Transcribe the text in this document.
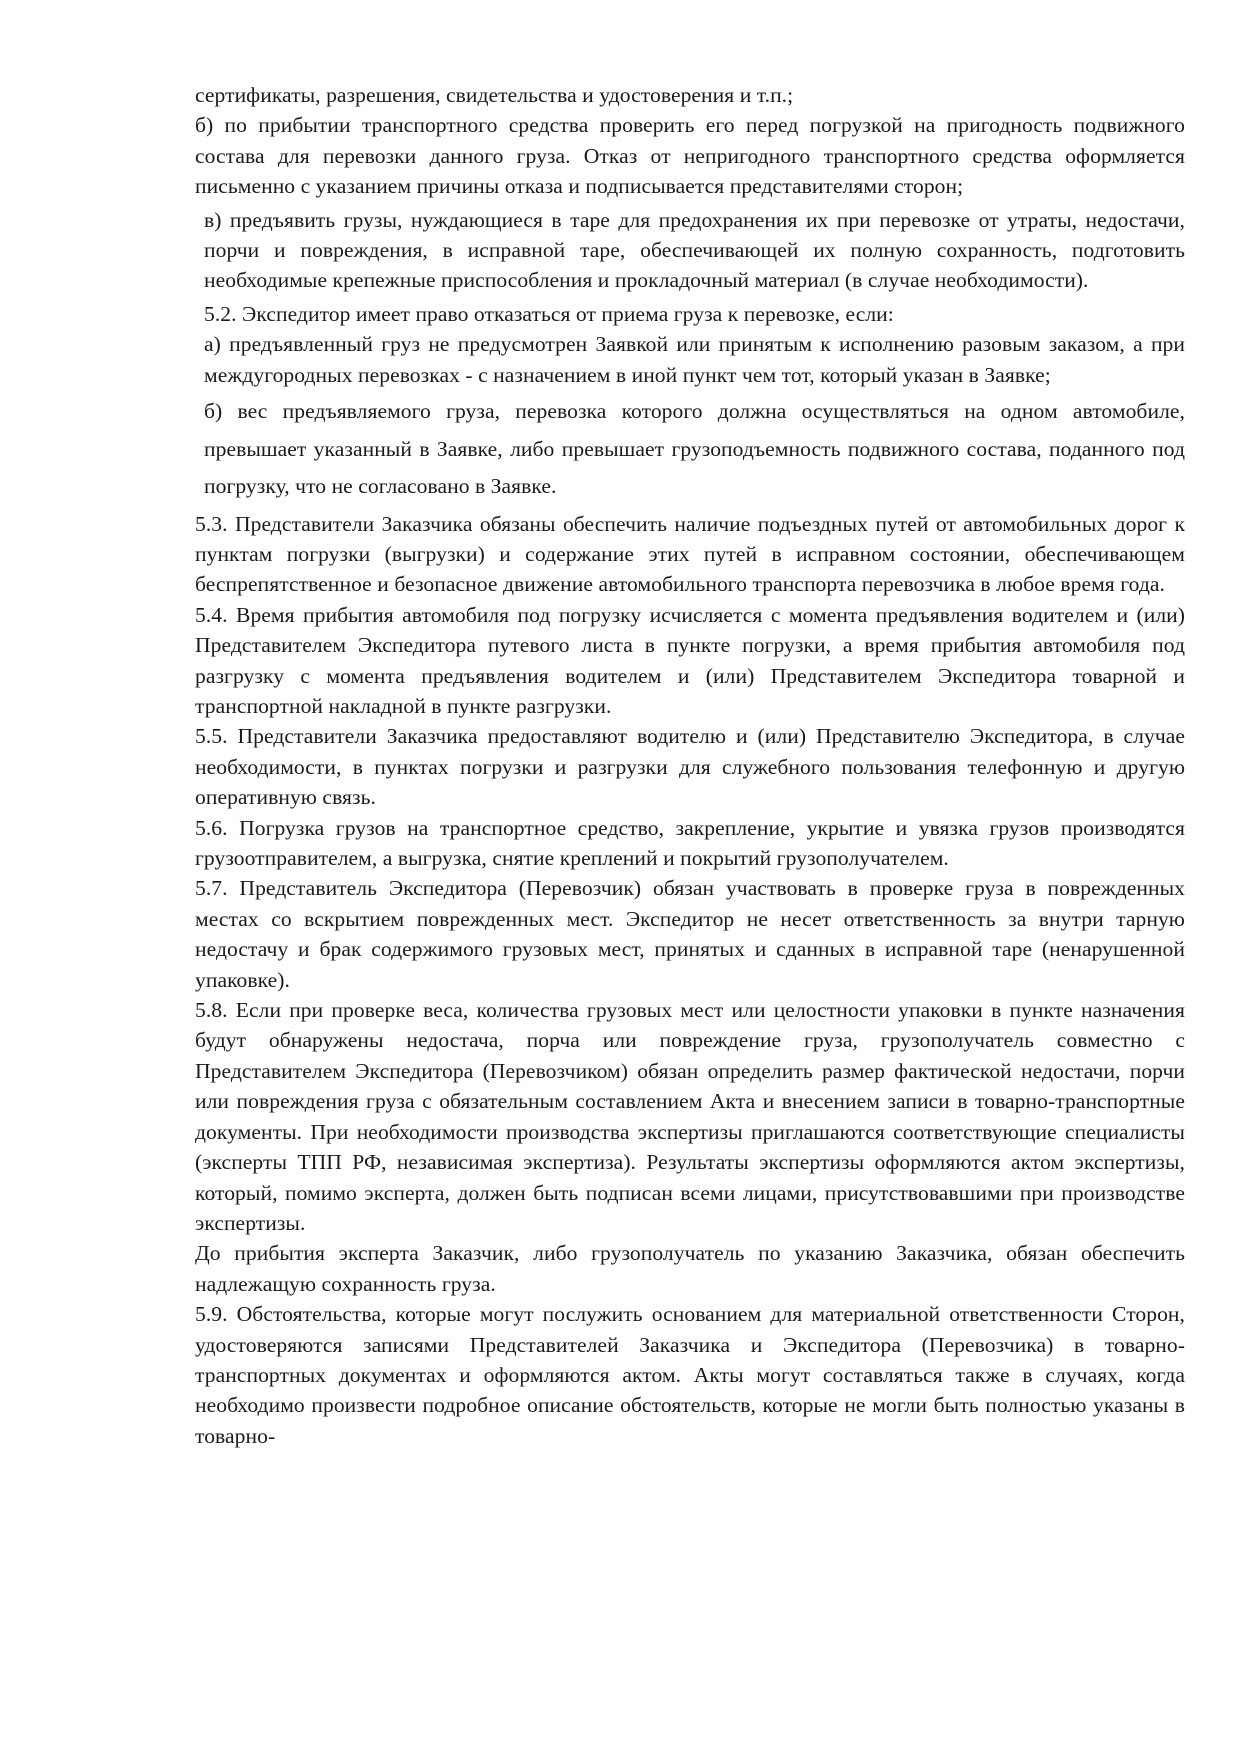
сертификаты, разрешения, свидетельства и удостоверения и т.п.;

б) по прибытии транспортного средства проверить его перед погрузкой на пригодность подвижного состава для перевозки данного груза. Отказ от непригодного транспортного средства оформляется письменно с указанием причины отказа и подписывается представителями сторон;

в) предъявить грузы, нуждающиеся в таре для предохранения их при перевозке от утраты, недостачи, порчи и повреждения, в исправной таре, обеспечивающей их полную сохранность, подготовить необходимые крепежные приспособления и прокладочный материал (в случае необходимости).

5.2. Экспедитор имеет право отказаться от приема груза к перевозке, если:

а) предъявленный груз не предусмотрен Заявкой или принятым к исполнению разовым заказом, а при междугородных перевозках - с назначением в иной пункт чем тот, который указан в Заявке;

б) вес предъявляемого груза, перевозка которого должна осуществляться на одном автомобиле, превышает указанный в Заявке, либо превышает грузоподъемность подвижного состава, поданного под погрузку, что не согласовано в Заявке.

5.3. Представители Заказчика обязаны обеспечить наличие подъездных путей от автомобильных дорог к пунктам погрузки (выгрузки) и содержание этих путей в исправном состоянии, обеспечивающем беспрепятственное и безопасное движение автомобильного транспорта перевозчика в любое время года.

5.4. Время прибытия автомобиля под погрузку исчисляется с момента предъявления водителем и (или) Представителем Экспедитора путевого листа в пункте погрузки, а время прибытия автомобиля под разгрузку с момента предъявления водителем и (или) Представителем Экспедитора товарной и транспортной накладной в пункте разгрузки.

5.5. Представители Заказчика предоставляют водителю и (или) Представителю Экспедитора, в случае необходимости, в пунктах погрузки и разгрузки для служебного пользования телефонную и другую оперативную связь.

5.6. Погрузка грузов на транспортное средство, закрепление, укрытие и увязка грузов производятся грузоотправителем, а выгрузка, снятие креплений и покрытий грузополучателем.

5.7. Представитель Экспедитора (Перевозчик) обязан участвовать в проверке груза в поврежденных местах со вскрытием поврежденных мест. Экспедитор не несет ответственность за внутри тарную недостачу и брак содержимого грузовых мест, принятых и сданных в исправной таре (ненарушенной упаковке).

5.8. Если при проверке веса, количества грузовых мест или целостности упаковки в пункте назначения будут обнаружены недостача, порча или повреждение груза, грузополучатель совместно с Представителем Экспедитора (Перевозчиком) обязан определить размер фактической недостачи, порчи или повреждения груза с обязательным составлением Акта и внесением записи в товарно-транспортные документы. При необходимости производства экспертизы приглашаются соответствующие специалисты (эксперты ТПП РФ, независимая экспертиза). Результаты экспертизы оформляются актом экспертизы, который, помимо эксперта, должен быть подписан всеми лицами, присутствовавшими при производстве экспертизы.

До прибытия эксперта Заказчик, либо грузополучатель по указанию Заказчика, обязан обеспечить надлежащую сохранность груза.

5.9. Обстоятельства, которые могут послужить основанием для материальной ответственности Сторон, удостоверяются записями Представителей Заказчика и Экспедитора (Перевозчика) в товарно-транспортных документах и оформляются актом. Акты могут составляться также в случаях, когда необходимо произвести подробное описание обстоятельств, которые не могли быть полностью указаны в товарно-
